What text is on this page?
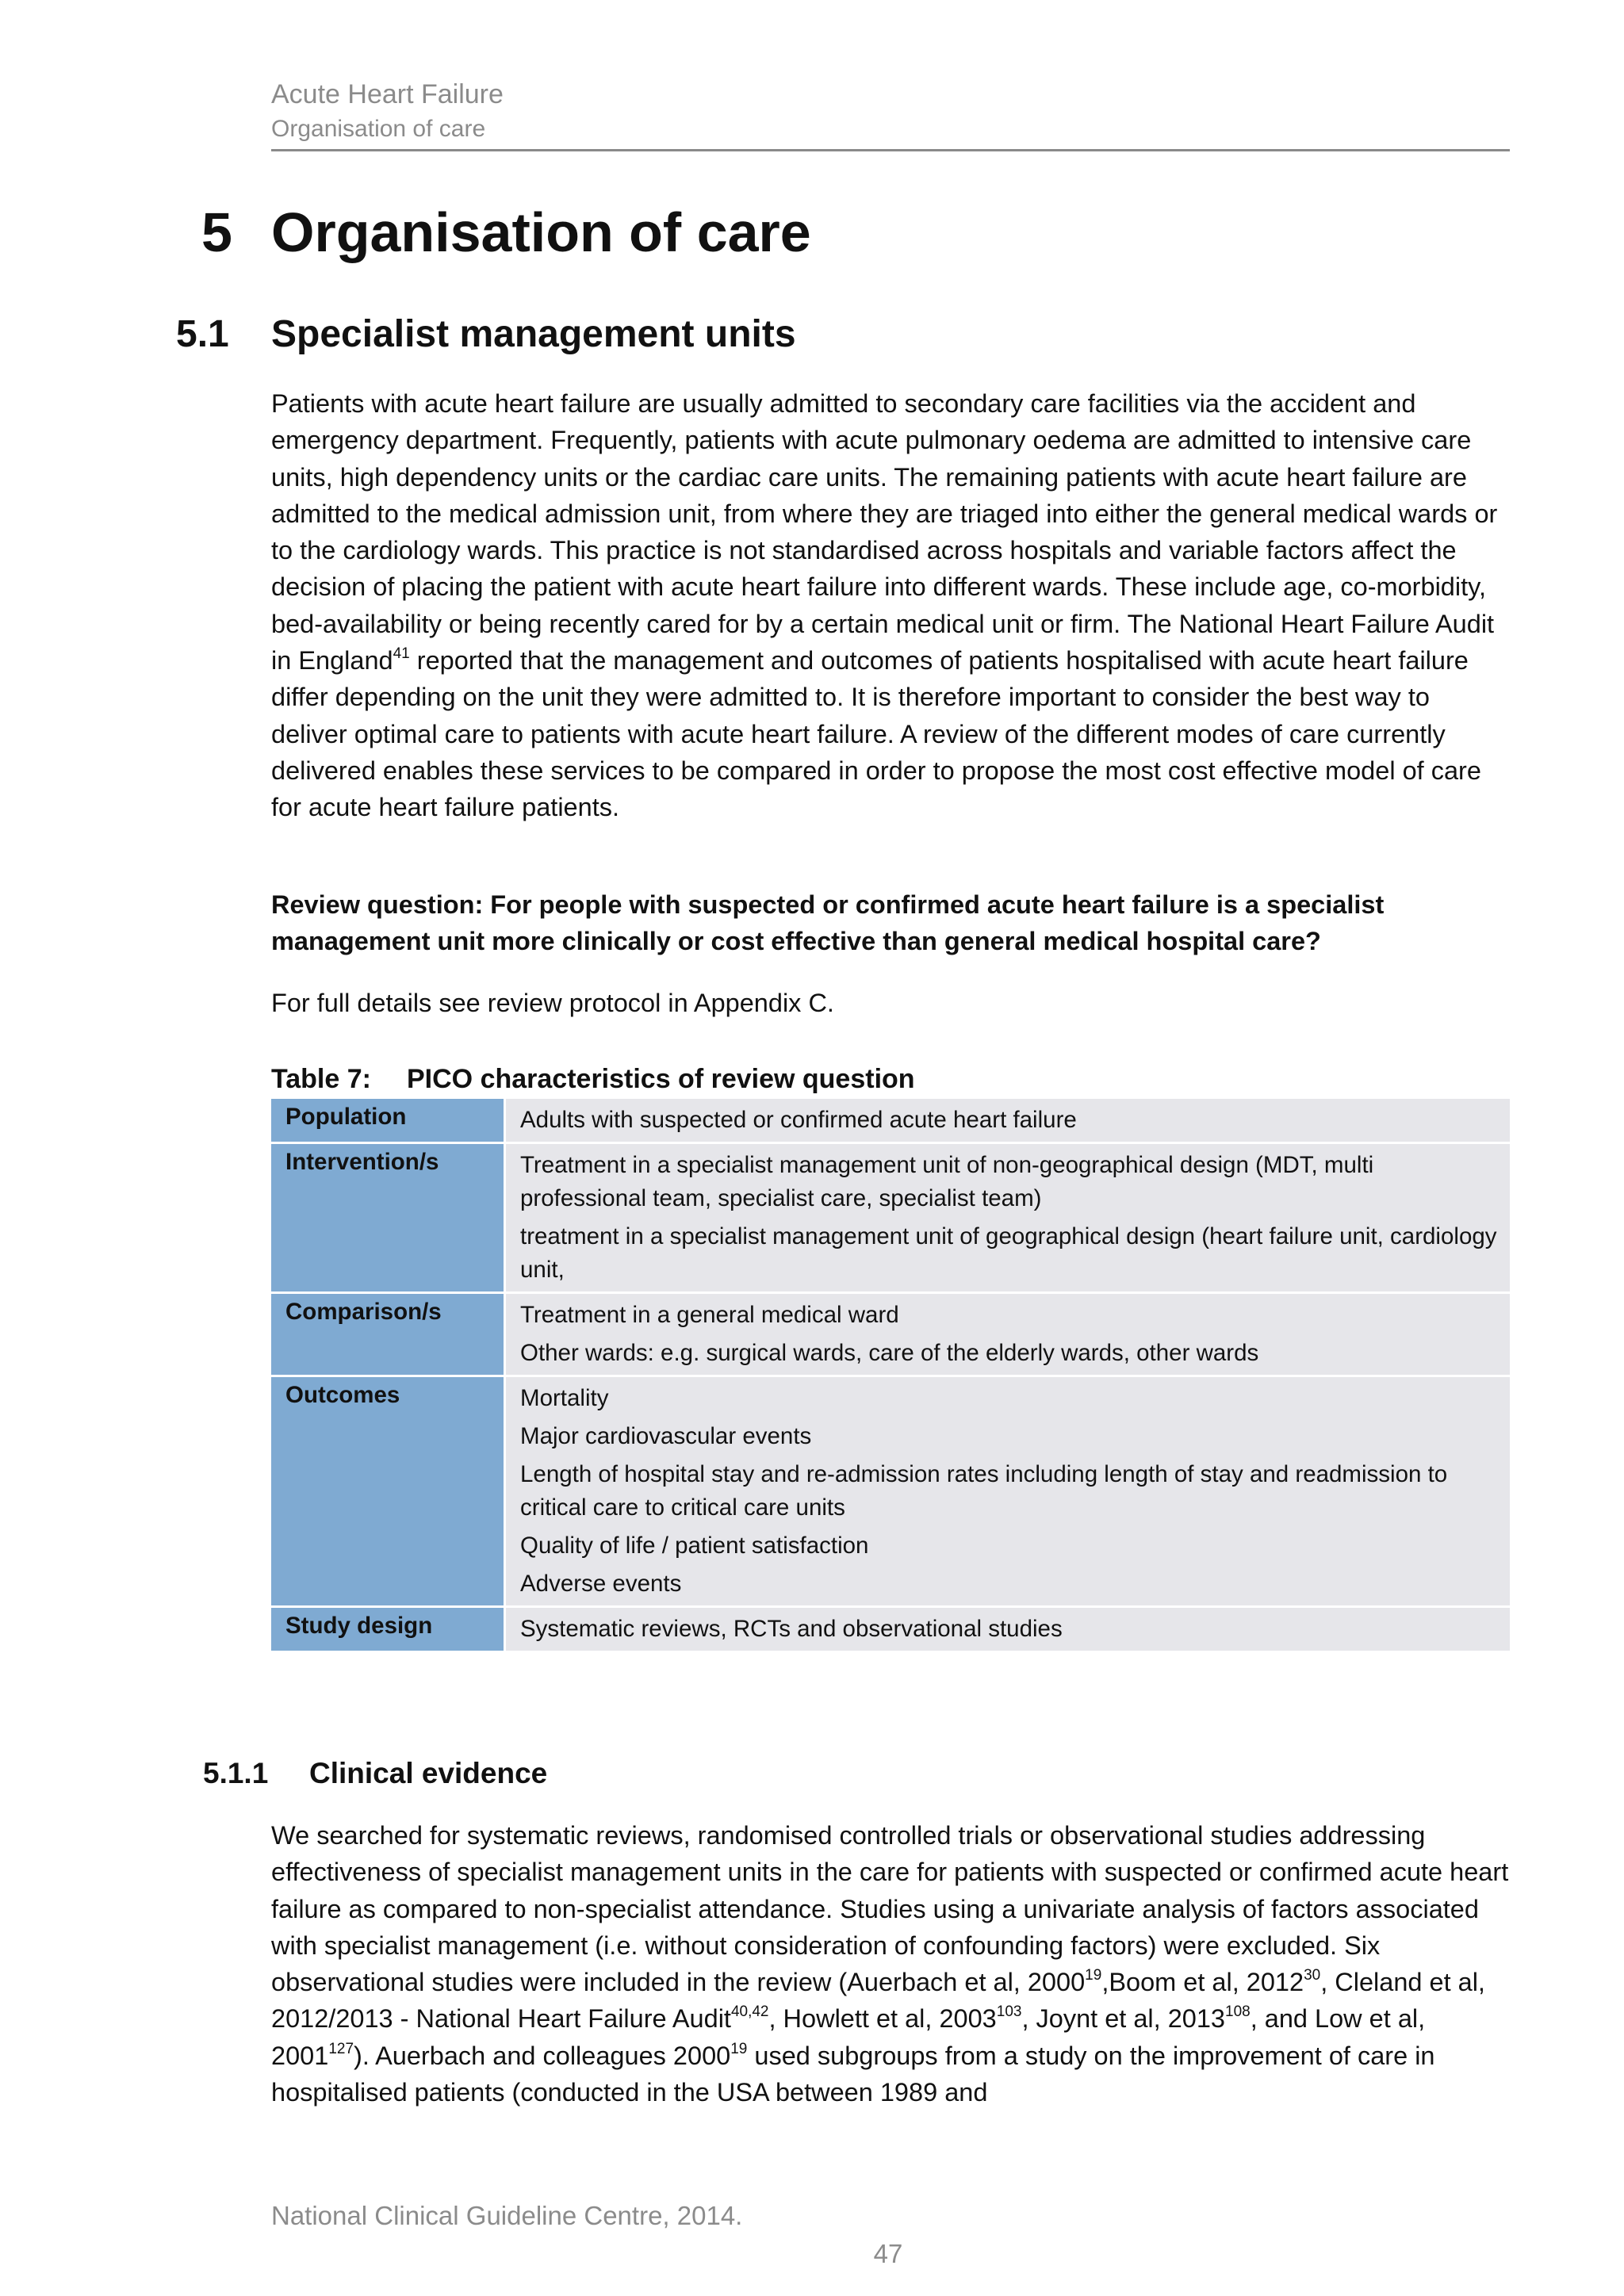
Acute Heart Failure
Organisation of care
5 Organisation of care
5.1 Specialist management units
Patients with acute heart failure are usually admitted to secondary care facilities via the accident and emergency department. Frequently, patients with acute pulmonary oedema are admitted to intensive care units, high dependency units or the cardiac care units. The remaining patients with acute heart failure are admitted to the medical admission unit, from where they are triaged into either the general medical wards or to the cardiology wards. This practice is not standardised across hospitals and variable factors affect the decision of placing the patient with acute heart failure into different wards. These include age, co-morbidity, bed-availability or being recently cared for by a certain medical unit or firm. The National Heart Failure Audit in England$^{41}$ reported that the management and outcomes of patients hospitalised with acute heart failure differ depending on the unit they were admitted to. It is therefore important to consider the best way to deliver optimal care to patients with acute heart failure. A review of the different modes of care currently delivered enables these services to be compared in order to propose the most cost effective model of care for acute heart failure patients.
Review question: For people with suspected or confirmed acute heart failure is a specialist management unit more clinically or cost effective than general medical hospital care?
For full details see review protocol in Appendix C.
Table 7: PICO characteristics of review question
Population	Adults with suspected or confirmed acute heart failure

Intervention/s	Treatment in a specialist management unit of non-geographical design (MDT, multi professional team, specialist care, specialist team)
treatment in a specialist management unit of geographical design (heart failure unit, cardiology unit,

Comparison/s	Treatment in a general medical ward
Other wards: e.g. surgical wards, care of the elderly wards, other wards

Outcomes	Mortality
Major cardiovascular events
Length of hospital stay and re-admission rates including length of stay and readmission to critical care to critical care units
Quality of life / patient satisfaction
Adverse events

Study design	Systematic reviews, RCTs and observational studies
5.1.1 Clinical evidence
We searched for systematic reviews, randomised controlled trials or observational studies addressing effectiveness of specialist management units in the care for patients with suspected or confirmed acute heart failure as compared to non-specialist attendance. Studies using a univariate analysis of factors associated with specialist management (i.e. without consideration of confounding factors) were excluded. Six observational studies were included in the review (Auerbach et al, 2000$^{19}$,Boom et al, 2012$^{30}$, Cleland et al, 2012/2013 - National Heart Failure Audit$^{40,42}$, Howlett et al, 2003$^{103}$, Joynt et al, 2013$^{108}$, and Low et al, 2001$^{127}$). Auerbach and colleagues 2000$^{19}$ used subgroups from a study on the improvement of care in hospitalised patients (conducted in the USA between 1989 and
National Clinical Guideline Centre, 2014.
47
